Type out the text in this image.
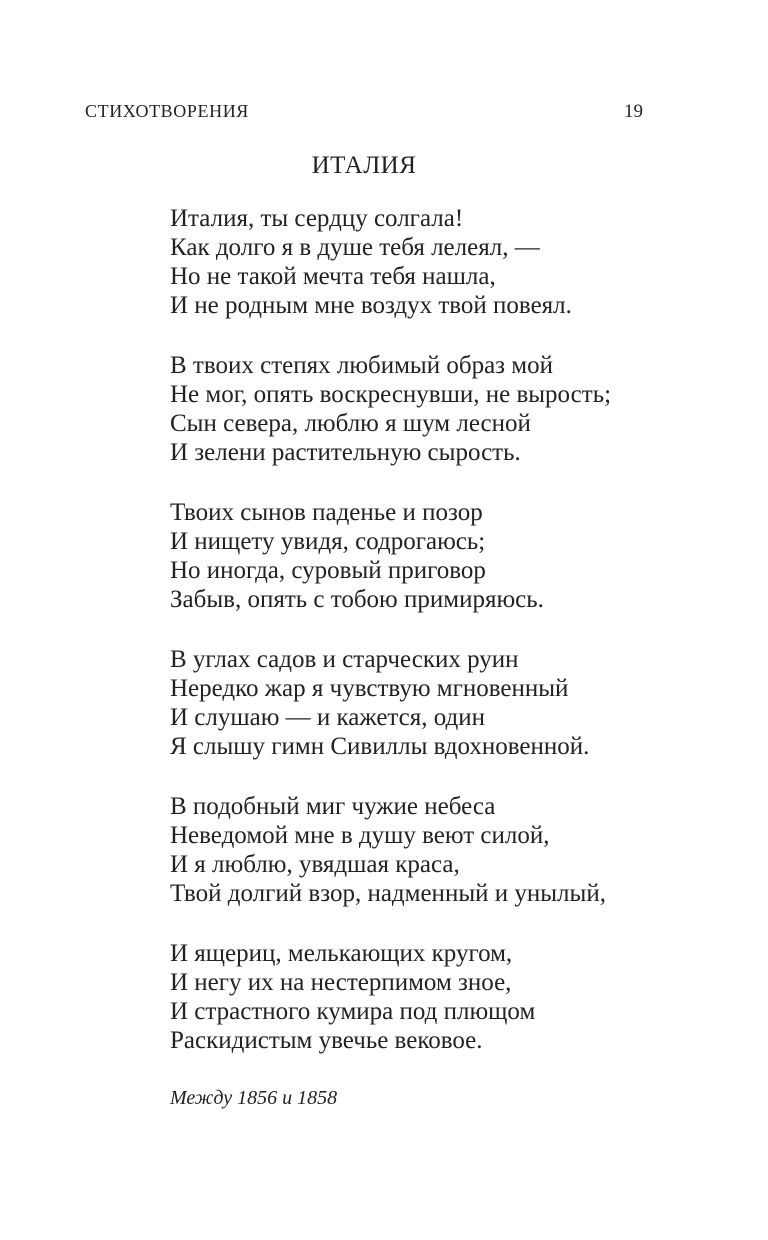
СТИХОТВОРЕНИЯ	19
ИТАЛИЯ
Италия, ты сердцу солгала!
Как долго я в душе тебя лелеял, —
Но не такой мечта тебя нашла,
И не родным мне воздух твой повеял.
В твоих степях любимый образ мой
Не мог, опять воскреснувши, не вырость;
Сын севера, люблю я шум лесной
И зелени растительную сырость.
Твоих сынов паденье и позор
И нищету увидя, содрогаюсь;
Но иногда, суровый приговор
Забыв, опять с тобою примиряюсь.
В углах садов и старческих руин
Нередко жар я чувствую мгновенный
И слушаю — и кажется, один
Я слышу гимн Сивиллы вдохновенной.
В подобный миг чужие небеса
Неведомой мне в душу веют силой,
И я люблю, увядшая краса,
Твой долгий взор, надменный и унылый,
И ящериц, мелькающих кругом,
И негу их на нестерпимом зное,
И страстного кумира под плющом
Раскидистым увечье вековое.
Между 1856 и 1858
